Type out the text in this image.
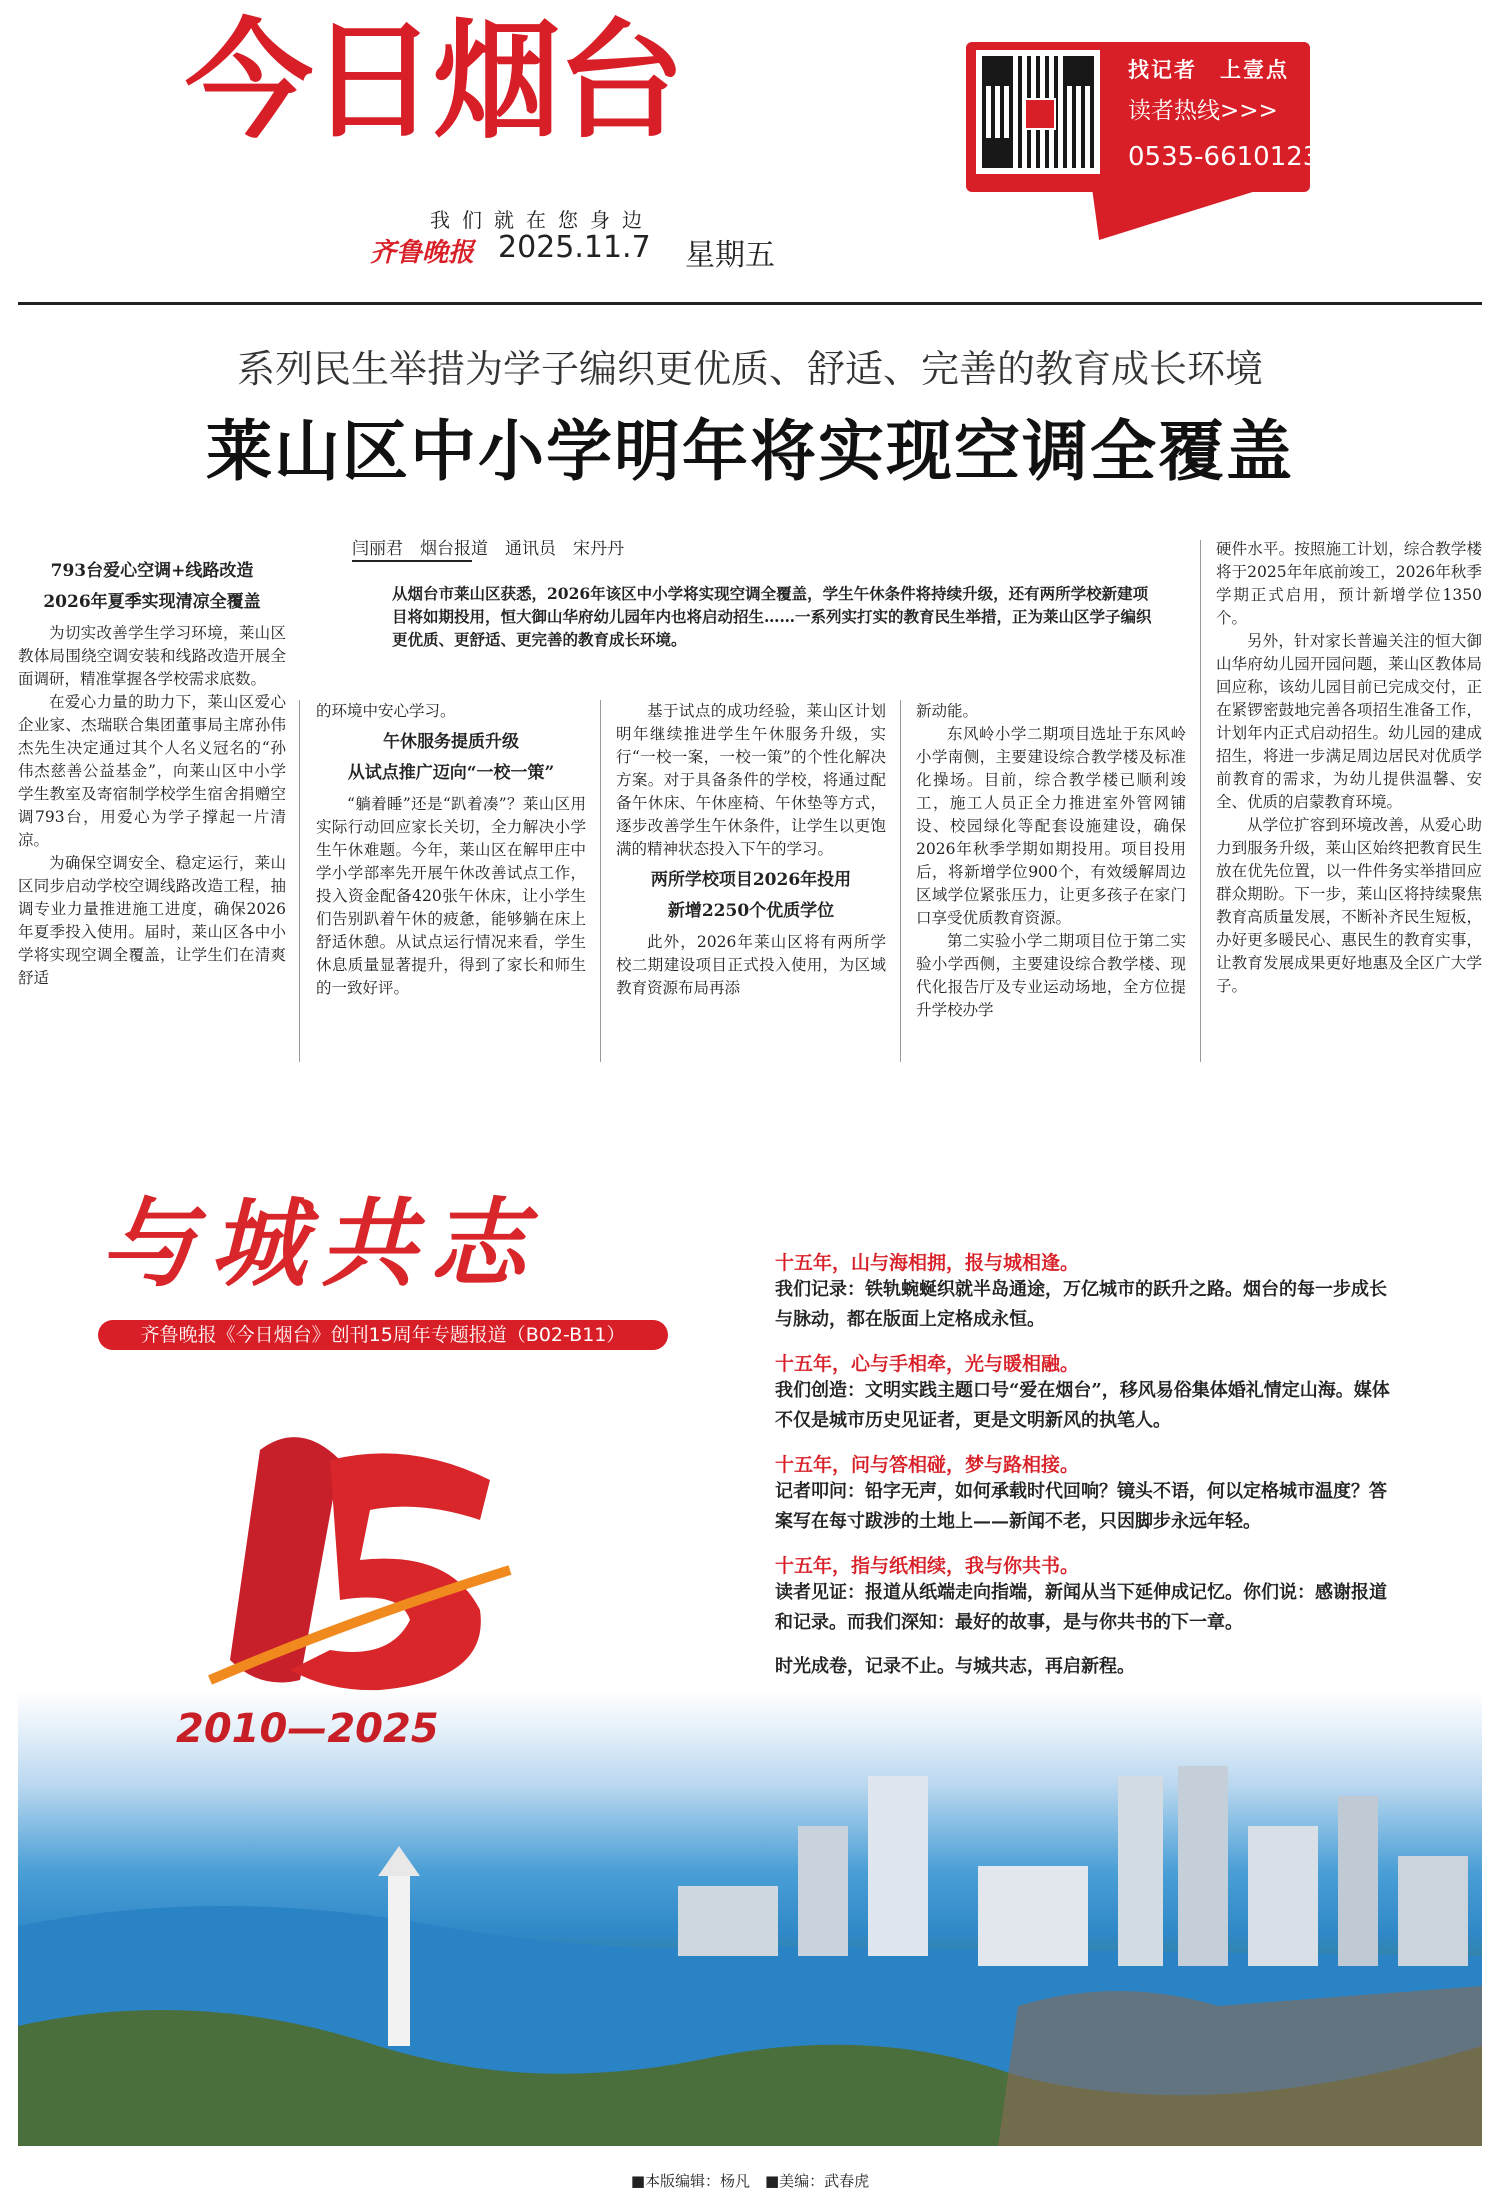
今日烟台
我们就在您身边
齐鲁晚报 2025.11.7 星期五
找记者　上壹点
读者热线>>>
0535-6610123
系列民生举措为学子编织更优质、舒适、完善的教育成长环境
莱山区中小学明年将实现空调全覆盖
闫丽君　烟台报道　通讯员　宋丹丹
从烟台市莱山区获悉，2026年该区中小学将实现空调全覆盖，学生午休条件将持续升级，还有两所学校新建项目将如期投用，恒大御山华府幼儿园年内也将启动招生……一系列实打实的教育民生举措，正为莱山区学子编织更优质、更舒适、更完善的教育成长环境。

793台爱心空调+线路改造

2026年夏季实现清凉全覆盖

为切实改善学生学习环境，莱山区教体局围绕空调安装和线路改造开展全面调研，精准掌握各学校需求底数。

在爱心力量的助力下，莱山区爱心企业家、杰瑞联合集团董事局主席孙伟杰先生决定通过其个人名义冠名的“孙伟杰慈善公益基金”，向莱山区中小学学生教室及寄宿制学校学生宿舍捐赠空调793台，用爱心为学子撑起一片清凉。

为确保空调安全、稳定运行，莱山区同步启动学校空调线路改造工程，抽调专业力量推进施工进度，确保2026年夏季投入使用。届时，莱山区各中小学将实现空调全覆盖，让学生们在清爽舒适

的环境中安心学习。

午休服务提质升级

从试点推广迈向“一校一策”

“躺着睡”还是“趴着凑”？莱山区用实际行动回应家长关切，全力解决小学生午休难题。今年，莱山区在解甲庄中学小学部率先开展午休改善试点工作，投入资金配备420张午休床，让小学生们告别趴着午休的疲惫，能够躺在床上舒适休憩。从试点运行情况来看，学生休息质量显著提升，得到了家长和师生的一致好评。

基于试点的成功经验，莱山区计划明年继续推进学生午休服务升级，实行“一校一案，一校一策”的个性化解决方案。对于具备条件的学校，将通过配备午休床、午休座椅、午休垫等方式，逐步改善学生午休条件，让学生以更饱满的精神状态投入下午的学习。

两所学校项目2026年投用

新增2250个优质学位

此外，2026年莱山区将有两所学校二期建设项目正式投入使用，为区域教育资源布局再添

新动能。

东风岭小学二期项目选址于东风岭小学南侧，主要建设综合教学楼及标准化操场。目前，综合教学楼已顺利竣工，施工人员正全力推进室外管网铺设、校园绿化等配套设施建设，确保2026年秋季学期如期投用。项目投用后，将新增学位900个，有效缓解周边区域学位紧张压力，让更多孩子在家门口享受优质教育资源。

第二实验小学二期项目位于第二实验小学西侧，主要建设综合教学楼、现代化报告厅及专业运动场地，全方位提升学校办学

硬件水平。按照施工计划，综合教学楼将于2025年年底前竣工，2026年秋季学期正式启用，预计新增学位1350个。

另外，针对家长普遍关注的恒大御山华府幼儿园开园问题，莱山区教体局回应称，该幼儿园目前已完成交付，正在紧锣密鼓地完善各项招生准备工作，计划年内正式启动招生。幼儿园的建成招生，将进一步满足周边居民对优质学前教育的需求，为幼儿提供温馨、安全、优质的启蒙教育环境。

从学位扩容到环境改善，从爱心助力到服务升级，莱山区始终把教育民生放在优先位置，以一件件务实举措回应群众期盼。下一步，莱山区将持续聚焦教育高质量发展，不断补齐民生短板，办好更多暖民心、惠民生的教育实事，让教育发展成果更好地惠及全区广大学子。

与城共志
齐鲁晚报《今日烟台》创刊15周年专题报道（B02-B11）
2010—2025
十五年，山与海相拥，报与城相逢。
我们记录：铁轨蜿蜒织就半岛通途，万亿城市的跃升之路。烟台的每一步成长与脉动，都在版面上定格成永恒。
十五年，心与手相牵，光与暖相融。
我们创造：文明实践主题口号“爱在烟台”，移风易俗集体婚礼情定山海。媒体不仅是城市历史见证者，更是文明新风的执笔人。
十五年，问与答相碰，梦与路相接。
记者叩问：铅字无声，如何承载时代回响？镜头不语，何以定格城市温度？答案写在每寸跋涉的土地上——新闻不老，只因脚步永远年轻。
十五年，指与纸相续，我与你共书。
读者见证：报道从纸端走向指端，新闻从当下延伸成记忆。你们说：感谢报道和记录。而我们深知：最好的故事，是与你共书的下一章。
时光成卷，记录不止。与城共志，再启新程。
■本版编辑：杨凡　■美编：武春虎
